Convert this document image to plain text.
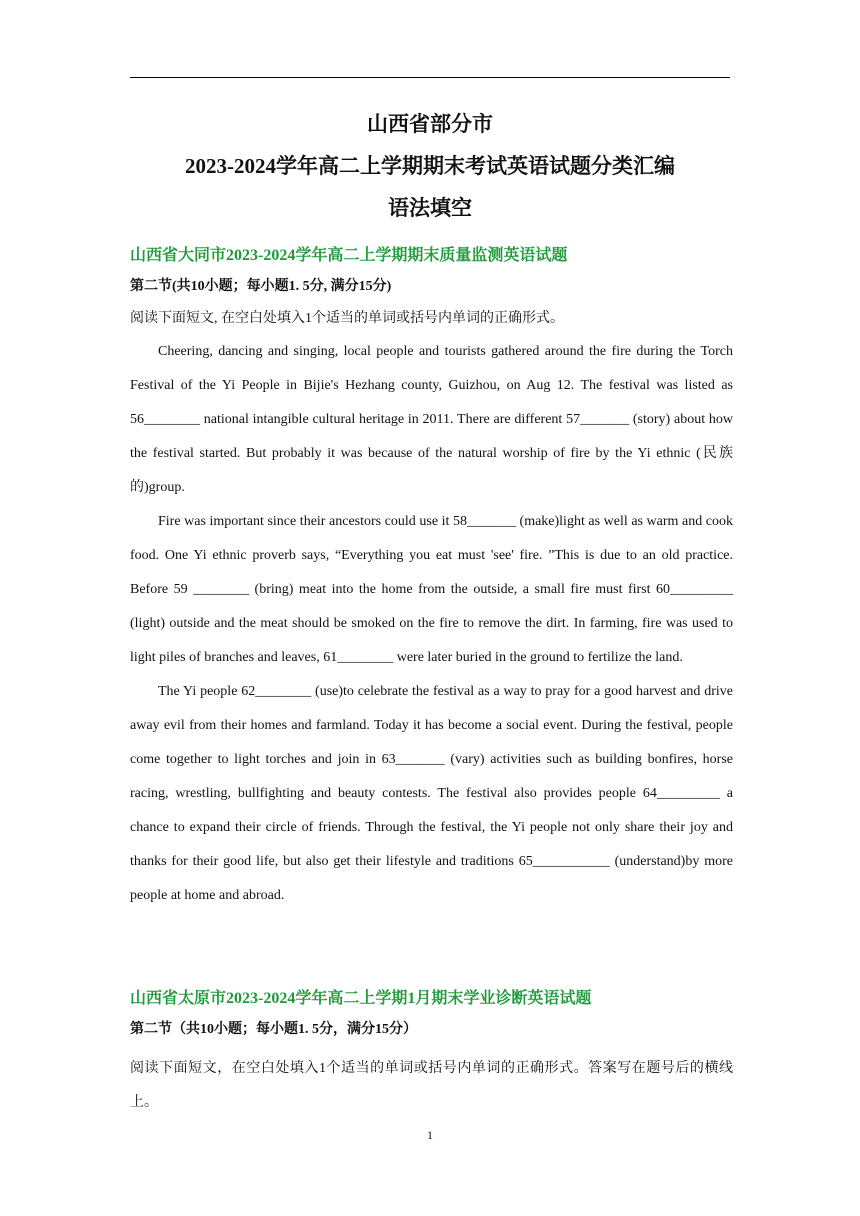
山西省部分市

2023-2024学年高二上学期期末考试英语试题分类汇编

语法填空

山西省大同市2023-2024学年高二上学期期末质量监测英语试题

第二节(共10小题；每小题1. 5分, 满分15分)

阅读下面短文, 在空白处填入1个适当的单词或括号内单词的正确形式。

Cheering, dancing and singing, local people and tourists gathered around the fire during the Torch Festival of the Yi People in Bijie's Hezhang county, Guizhou, on Aug 12. The festival was listed as 56________ national intangible cultural heritage in 2011. There are different 57_______ (story) about how the festival started. But probably it was because of the natural worship of fire by the Yi ethnic (民族的)group.

Fire was important since their ancestors could use it 58_______ (make)light as well as warm and cook food. One Yi ethnic proverb says, “Everything you eat must 'see' fire. ”This is due to an old practice. Before 59 ________ (bring) meat into the home from the outside, a small fire must first 60_________ (light) outside and the meat should be smoked on the fire to remove the dirt. In farming, fire was used to light piles of branches and leaves, 61________ were later buried in the ground to fertilize the land.

The Yi people 62________ (use)to celebrate the festival as a way to pray for a good harvest and drive away evil from their homes and farmland. Today it has become a social event. During the festival, people come together to light torches and join in 63_______ (vary) activities such as building bonfires, horse racing, wrestling, bullfighting and beauty contests. The festival also provides people 64_________ a chance to expand their circle of friends. Through the festival, the Yi people not only share their joy and thanks for their good life, but also get their lifestyle and traditions 65___________ (understand)by more people at home and abroad.

山西省太原市2023-2024学年高二上学期1月期末学业诊断英语试题

第二节（共10小题；每小题1. 5分，满分15分）

阅读下面短文，在空白处填入1个适当的单词或括号内单词的正确形式。答案写在题号后的横线上。

1
